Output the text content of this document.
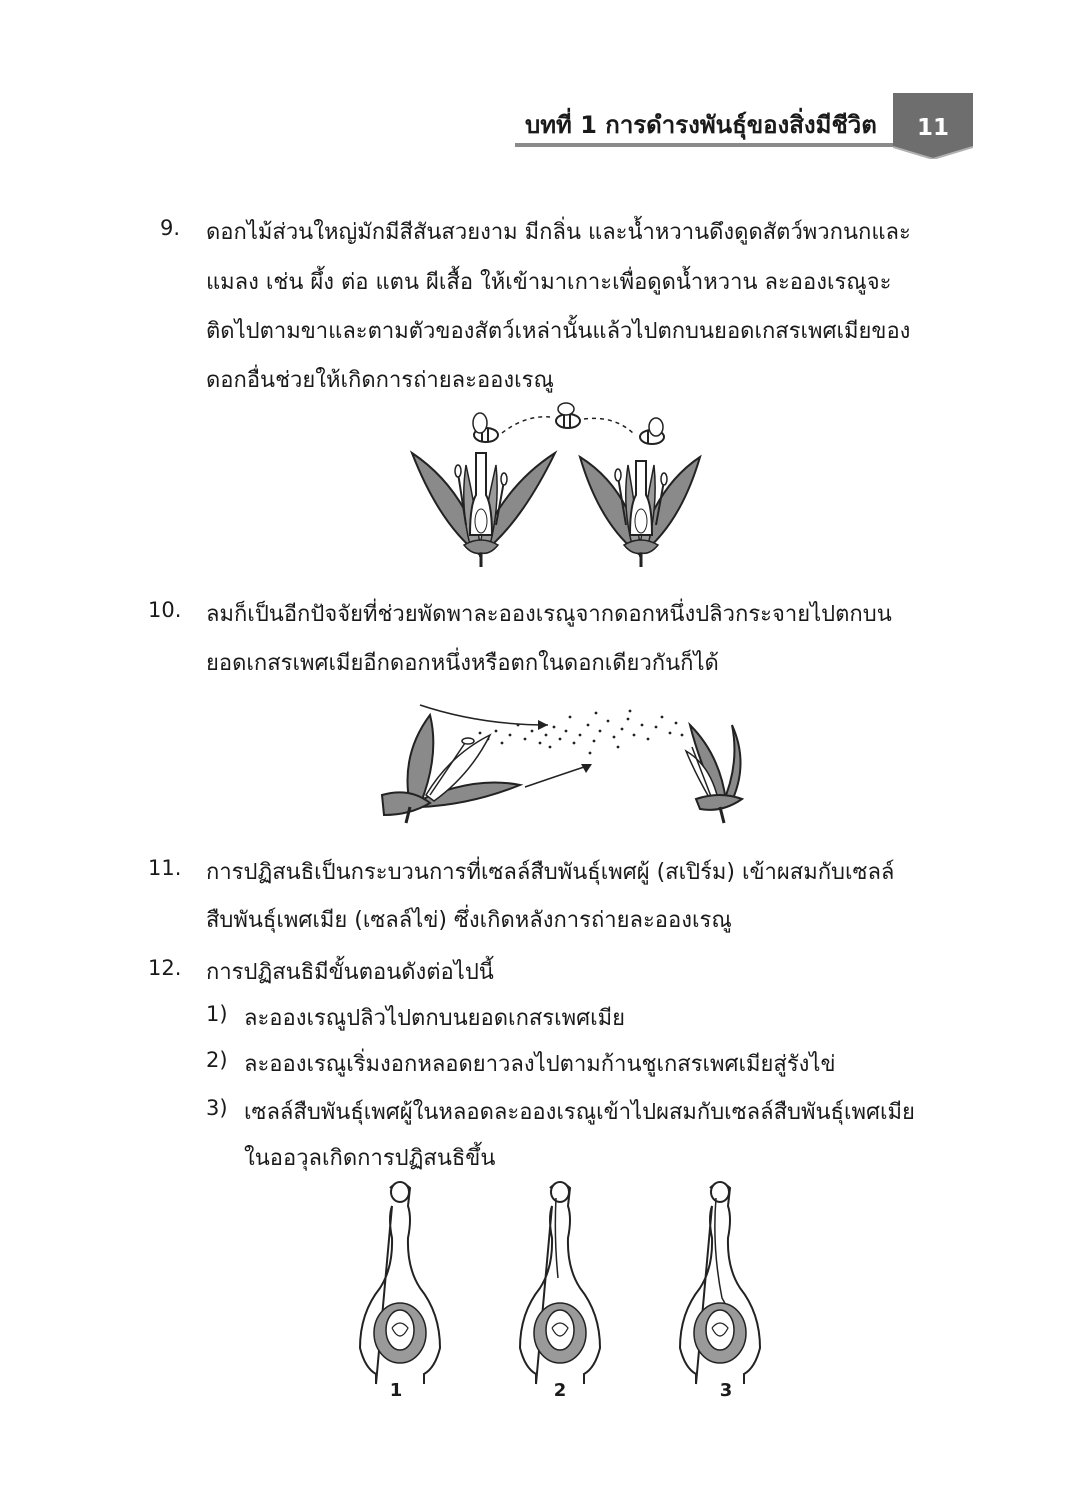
บทที่ 1 การดำรงพันธุ์ของสิ่งมีชีวิต	11
9. ดอกไม้ส่วนใหญ่มักมีสีสันสวยงาม มีกลิ่น และน้ำหวานดึงดูดสัตว์พวกนกและ
แมลง เช่น ผึ้ง ต่อ แตน ผีเสื้อ ให้เข้ามาเกาะเพื่อดูดน้ำหวาน ละอองเรณูจะ
ติดไปตามขาและตามตัวของสัตว์เหล่านั้นแล้วไปตกบนยอดเกสรเพศเมียของ
ดอกอื่นช่วยให้เกิดการถ่ายละอองเรณู
10. ลมก็เป็นอีกปัจจัยที่ช่วยพัดพาละอองเรณูจากดอกหนึ่งปลิวกระจายไปตกบน
ยอดเกสรเพศเมียอีกดอกหนึ่งหรือตกในดอกเดียวกันก็ได้
11. การปฏิสนธิเป็นกระบวนการที่เซลล์สืบพันธุ์เพศผู้ (สเปิร์ม) เข้าผสมกับเซลล์
สืบพันธุ์เพศเมีย (เซลล์ไข่) ซึ่งเกิดหลังการถ่ายละอองเรณู
12. การปฏิสนธิมีขั้นตอนดังต่อไปนี้
1) ละอองเรณูปลิวไปตกบนยอดเกสรเพศเมีย
2) ละอองเรณูเริ่มงอกหลอดยาวลงไปตามก้านชูเกสรเพศเมียสู่รังไข่
3) เซลล์สืบพันธุ์เพศผู้ในหลอดละอองเรณูเข้าไปผสมกับเซลล์สืบพันธุ์เพศเมีย
ในออวุลเกิดการปฏิสนธิขึ้น
1	2	3
